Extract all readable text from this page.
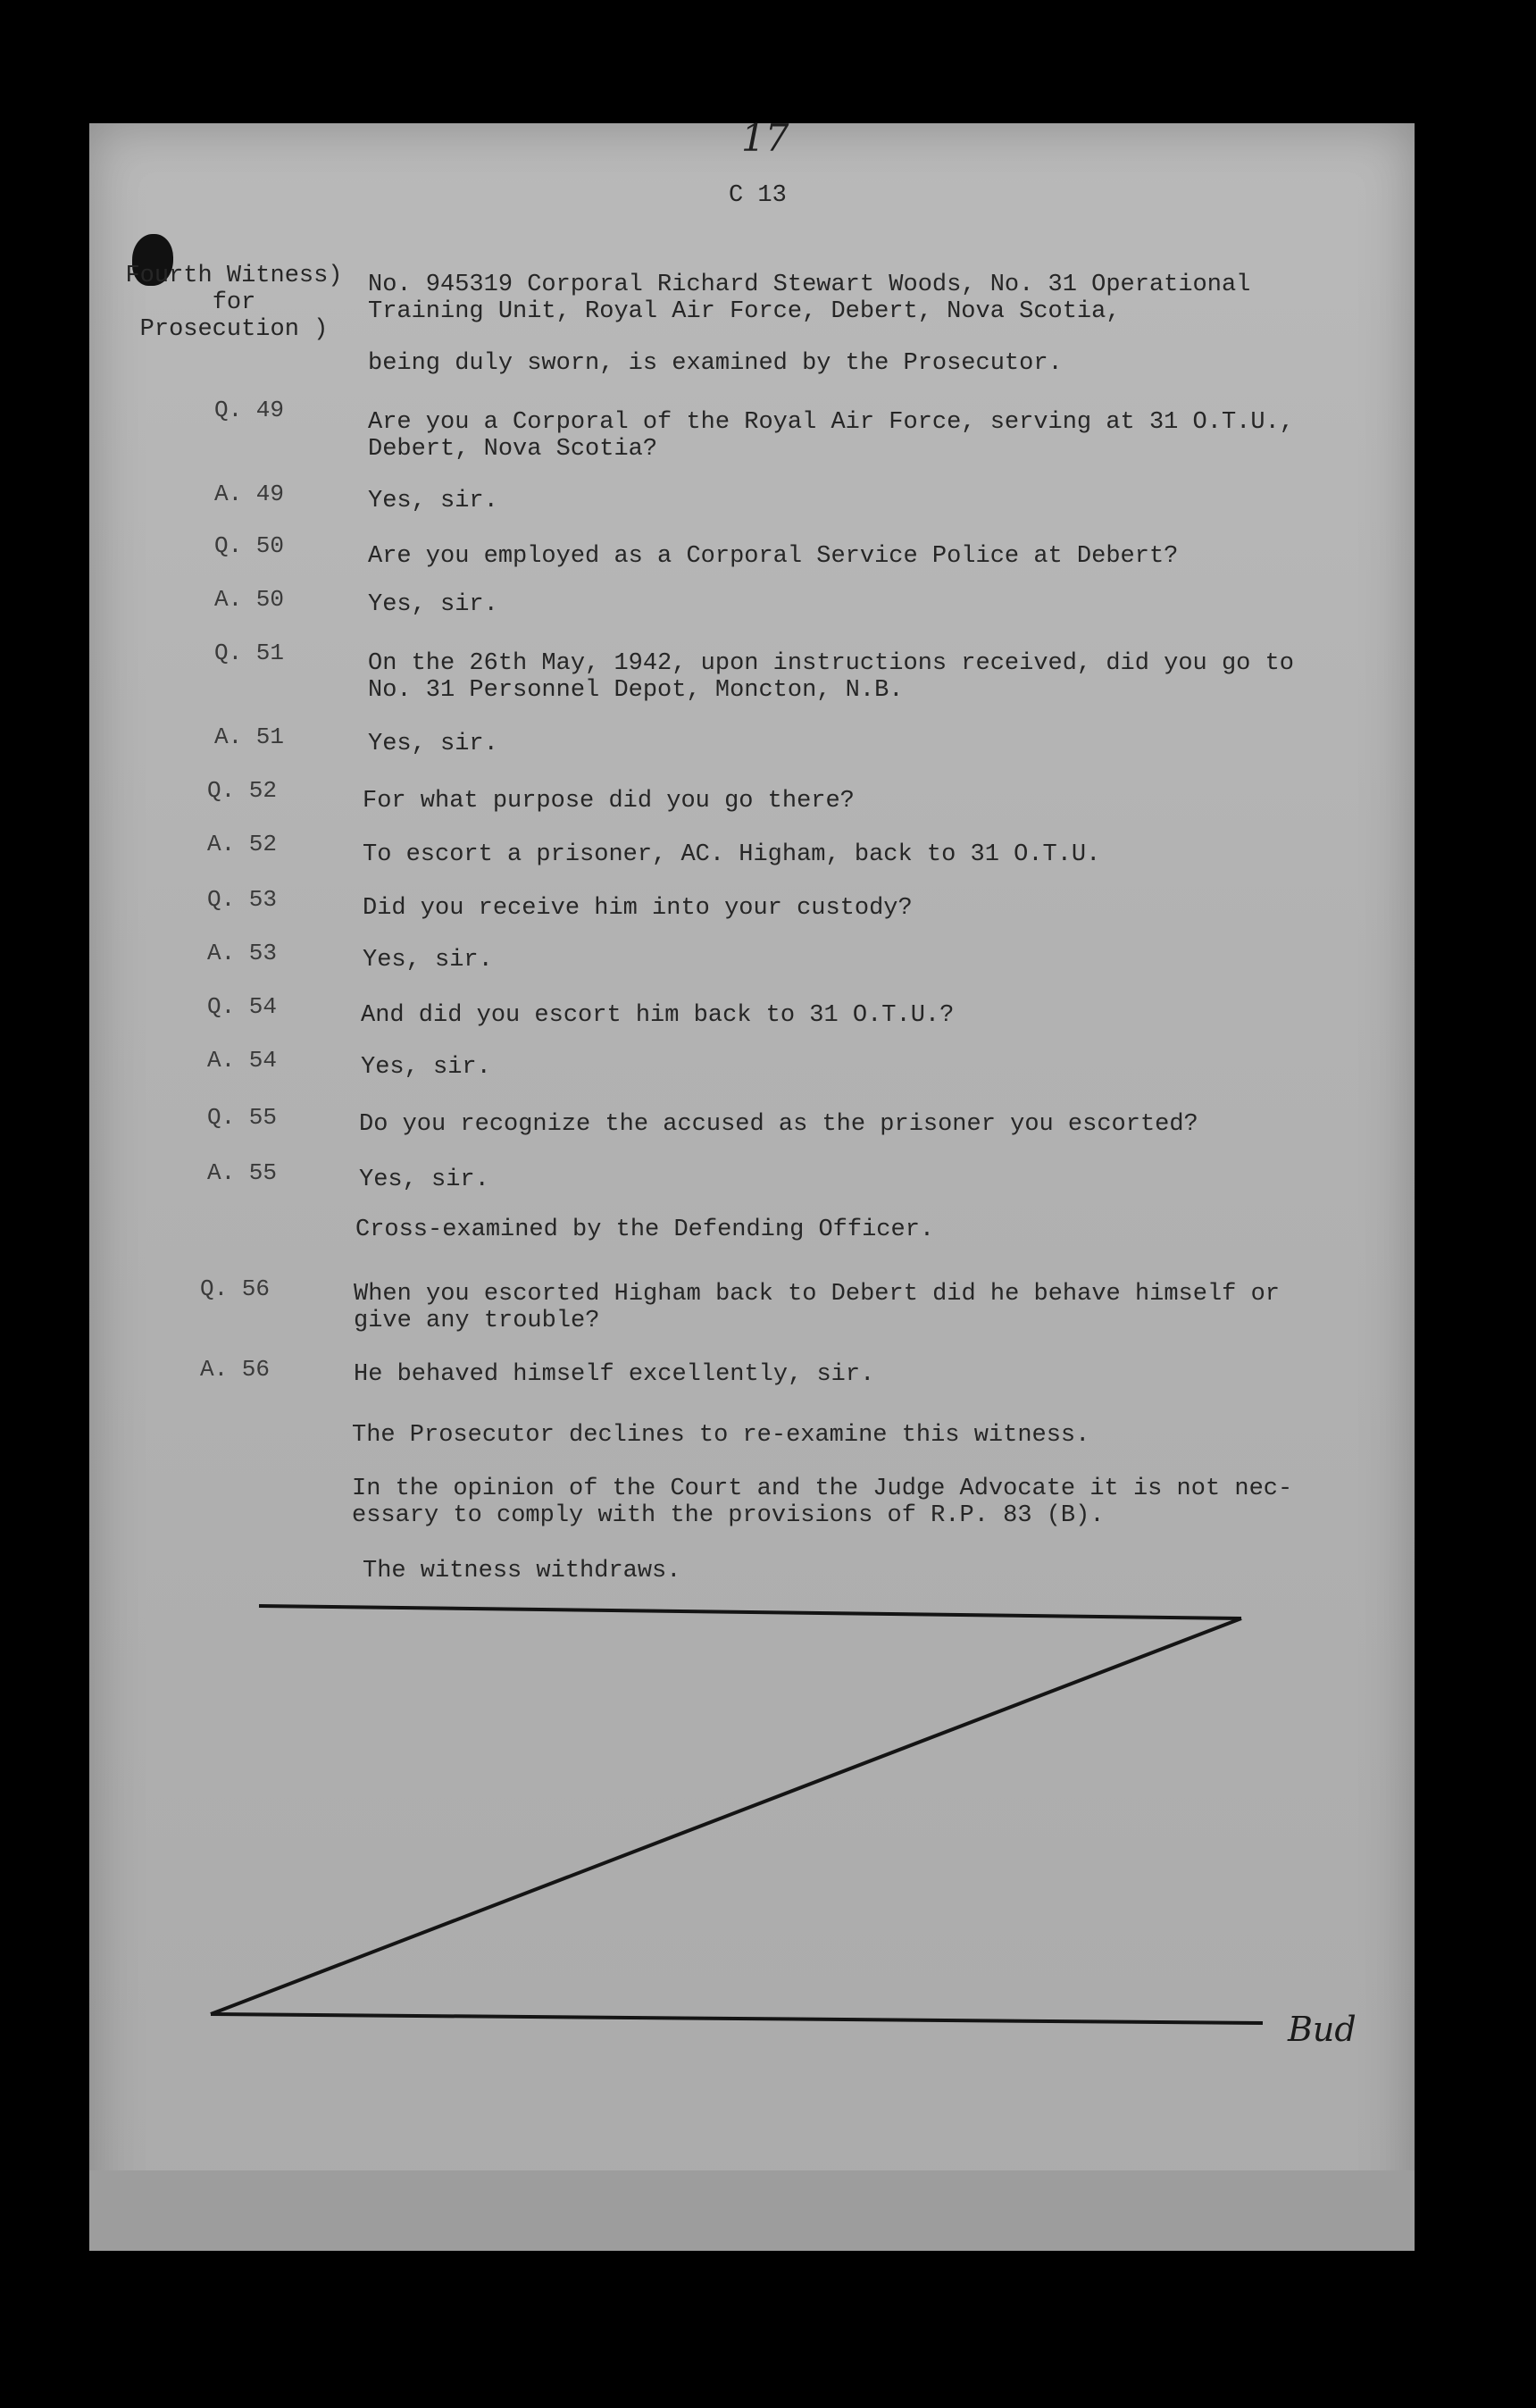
17
C 13
Fourth Witness)
for
Prosecution )
No. 945319 Corporal Richard Stewart Woods, No. 31 Operational
Training Unit, Royal Air Force, Debert, Nova Scotia,
being duly sworn, is examined by the Prosecutor.
Q. 49	Are you a Corporal of the Royal Air Force, serving at 31 O.T.U.,
Debert, Nova Scotia?
A. 49	Yes, sir.
Q. 50	Are you employed as a Corporal Service Police at Debert?
A. 50	Yes, sir.
Q. 51	On the 26th May, 1942, upon instructions received, did you go to
No. 31 Personnel Depot, Moncton, N.B.
A. 51	Yes, sir.
Q. 52	For what purpose did you go there?
A. 52	To escort a prisoner, AC. Higham, back to 31 O.T.U.
Q. 53	Did you receive him into your custody?
A. 53	Yes, sir.
Q. 54	And did you escort him back to 31 O.T.U.?
A. 54	Yes, sir.
Q. 55	Do you recognize the accused as the prisoner you escorted?
A. 55	Yes, sir.
Cross-examined by the Defending Officer.
Q. 56	When you escorted Higham back to Debert did he behave himself or
give any trouble?
A. 56	He behaved himself excellently, sir.
The Prosecutor declines to re-examine this witness.
In the opinion of the Court and the Judge Advocate it is not nec-
essary to comply with the provisions of R.P. 83 (B).
The witness withdraws.
Bud
